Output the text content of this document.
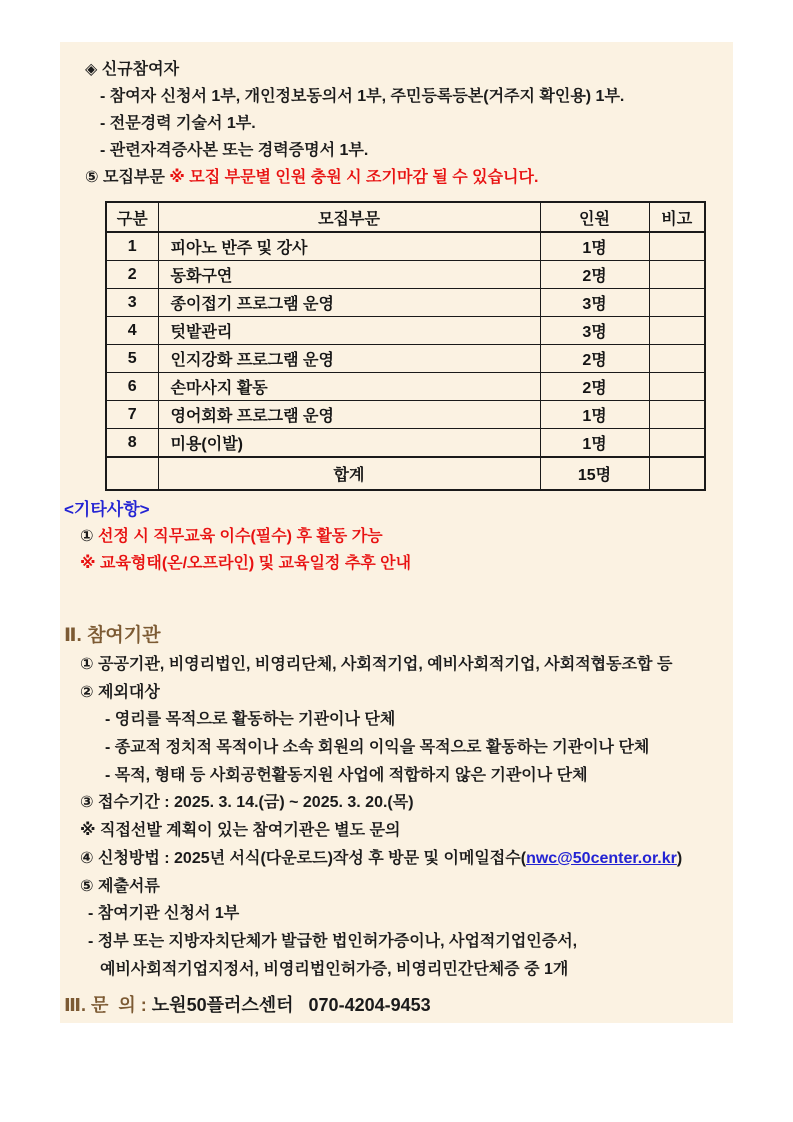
◈ 신규참여자
- 참여자 신청서 1부, 개인정보동의서 1부, 주민등록등본(거주지 확인용) 1부.
- 전문경력 기술서 1부.
- 관련자격증사본 또는 경력증명서 1부.
⑤ 모집부문 ※ 모집 부문별 인원 충원 시 조기마감 될 수 있습니다.
구분	모집부문	인원	비고
1	피아노 반주 및 강사	1명	
2	동화구연	2명	
3	종이접기 프로그램 운영	3명	
4	텃밭관리	3명	
5	인지강화 프로그램 운영	2명	
6	손마사지 활동	2명	
7	영어회화 프로그램 운영	1명	
8	미용(이발)	1명	
	합계	15명	
<기타사항>
① 선정 시 직무교육 이수(필수) 후 활동 가능
※ 교육형태(온/오프라인) 및 교육일정 추후 안내
Ⅱ. 참여기관
① 공공기관, 비영리법인, 비영리단체, 사회적기업, 예비사회적기업, 사회적협동조합 등
② 제외대상
- 영리를 목적으로 활동하는 기관이나 단체
- 종교적 정치적 목적이나 소속 회원의 이익을 목적으로 활동하는 기관이나 단체
- 목적, 형태 등 사회공헌활동지원 사업에 적합하지 않은 기관이나 단체
③ 접수기간 : 2025. 3. 14.(금) ~ 2025. 3. 20.(목)
※ 직접선발 계획이 있는 참여기관은 별도 문의
④ 신청방법 : 2025년 서식(다운로드)작성 후 방문 및 이메일접수(nwc@50center.or.kr)
⑤ 제출서류
- 참여기관 신청서 1부
- 정부 또는 지방자치단체가 발급한 법인허가증이나, 사업적기업인증서,
예비사회적기업지정서, 비영리법인허가증, 비영리민간단체증 중 1개
Ⅲ. 문  의 : 노원50플러스센터   070-4204-9453
